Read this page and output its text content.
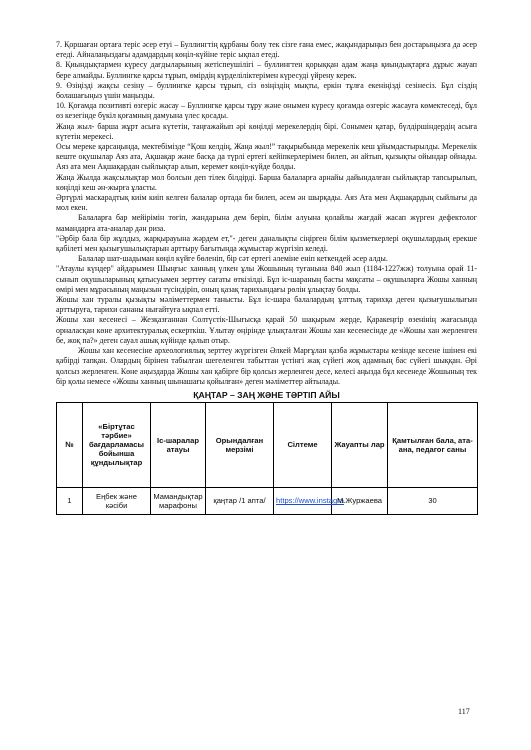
7. Қоршаған ортаға теріс әсер етуі – Буллингтің құрбаны болу тек сізге ғана емес, жақындарыңыз бен достарыңызға да әсер етеді. Айналаңыздағы адамдардың көңіл-күйіне теріс ықпал етеді.

8. Қиындықтармен күресу дағдыларының жетіспеушілігі – буллингтен қорыққан адам жаңа қиындықтарға дұрыс жауап бере алмайды. Буллингке қарсы тұрып, өмірдің күрделіліктерімен күресуді үйрену керек.

9. Өзіңізді жақсы сезіну – буллингке қарсы тұрып, сіз өзіңіздің мықты, еркін тұлға екеніңізді сезінесіз. Бұл сіздің болашағыңыз үшін маңызды.

10. Қоғамда позитивті өзгеріс жасау – Буллингке қарсы тұру және онымен күресу қоғамда өзгеріс жасауға көмектеседі, бұл өз кезегінде бүкіл қоғамның дамуына үлес қосады.

Жаңа жыл- барша жұрт асыға күтетін, таңғажайып әрі көңілді мерекелердің бірі. Сонымен қатар, бүлдіршіндердің асыға күтетін мерекесі.

Осы мереке қарсаңында, мектебімізде “Қош келдің, Жаңа жыл!” тақырыбында мерекелік кеш ұйымдастырылды. Мерекелік кеште оқушылар Аяз ата, Ақшақар және басқа да түрлі ертегі кейіпкерлерімен билеп, ән айтып, қызықты ойындар ойнады. Аяз ата мен Ақшақардан сыйлықтар алып, керемет көңіл-күйде болды.

Жаңа Жылда жақсылықтар мол болсын деп тілек білдірді. Барша балаларға арнайы дайындалған сыйлықтар тапсырылып, көңілді кеш ән-жырға ұласты.

Әртүрлі маскарадтық киім киіп келген балалар ортада би билеп, әсем ән шырқады. Аяз Ата мен Ақшақардың сыйлығы да мол екен.

Балаларға бар мейірімін төгіп, жандарына дем беріп, білім алуына қолайлы жағдай жасап жүрген дефектолог мамандарға ата-аналар дән риза.

"Әрбір бала бір жұлдыз, жарқырауына жәрдем ет,"- деген даналықты сіңірген білім қызметкерлері оқушылардың ерекше қабілеті мен қызығушылықтарын арттыру бағытында жұмыстар жүргізіп келеді.

Балалар шат-шадыман көңіл күйге бөленіп, бір сәт ертегі әлеміне еніп кеткендей әсер алды.

"Атаулы күндер" айдарымен Шыңғыс ханның үлкен ұлы Жошының туғанына 840 жыл (1184-1227жж) толуына орай 11- сынып оқушыларының қатысуымен зерттеу сағаты өткізілді. Бұл іс-шараның басты мақсаты – оқушыларға Жошы ханның өмірі мен мұрасының маңызын түсіндіріп, оның қазақ тарихындағы рөлін ұлықтау болды.

Жошы хан туралы қызықты мәліметтермен танысты. Бұл іс-шара балалардың ұлттық тарихқа деген қызығушылығын арттыруға, тарихи сананы нығайтуға ықпал етті.

Жошы хан кесенесі – Жезқазғаннан Солтүстік-Шығысқа қарай 50 шақырым жерде, Қаракеңгір өзенінің жағасында орналасқан көне архитектуралық ескерткіш. Ұлытау өңірінде ұлықталған Жошы хан кесенесінде де «Жошы хан жерленген бе, жоқ па?» деген сауал ашық күйінде қалып отыр.

Жошы хан кесенесіне археологиялық зерттеу жүргізген Әлкей Марғұлан қазба жұмыстары кезінде кесене ішінен екі қабірді тапқан. Олардың бірінен табылған шегеленген табыттан үстінгі жақ сүйегі жоқ адамның бас сүйегі шыққан. Әрі қолсыз жерленген. Көне аңыздарда Жошы хан қабірге бір қолсыз жерленген десе, келесі аңызда бұл кесенеде Жошының тек бір қолы немесе «Жошы ханның шынашағы қойылған» деген мәліметтер айтылады.

ҚАҢТАР – ЗАҢ ЖӘНЕ ТӘРТІП АЙЫ
№	«Біртұтас тәрбие» бағдарламасы бойынша құндылықтар	Іс-шаралар атауы	Орындалған мерзімі	Сілтеме	Жауапты лар	Қамтылған бала, ата-ана, педагог саны
1	Еңбек және кәсіби	Мамандықтар марафоны	қаңтар /1 апта/	https://www.instagra	М.Журжаева	30
117
